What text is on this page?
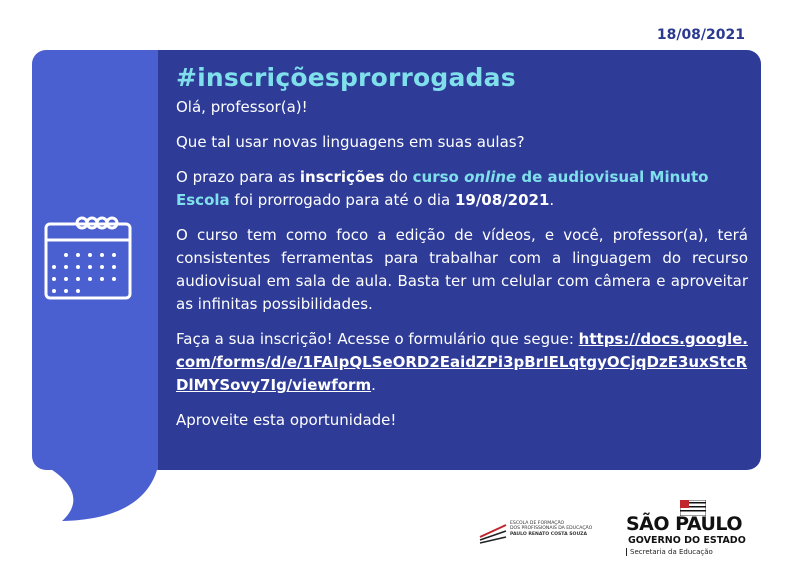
18/08/2021
#inscriçõesprorrogadas
Olá, professor(a)!
Que tal usar novas linguagens em suas aulas?
O prazo para as inscrições do curso online de audiovisual Minuto Escola foi prorrogado para até o dia 19/08/2021.
O curso tem como foco a edição de vídeos, e você, professor(a), terá consistentes ferramentas para trabalhar com a linguagem do recurso audiovisual em sala de aula. Basta ter um celular com câmera e aproveitar as infinitas possibilidades.
Faça a sua inscrição! Acesse o formulário que segue: https://docs.google.com/forms/d/e/1FAIpQLSeORD2EaidZPi3pBrIELqtgyOCjqDzE3uxStcRDlMYSovy7Ig/viewform.
Aproveite esta oportunidade!
ESCOLA DE FORMAÇÃO
DOS PROFISSIONAIS DA EDUCAÇÃO
PAULO RENATO COSTA SOUZA	SÃO PAULO
GOVERNO DO ESTADO
Secretaria da Educação
